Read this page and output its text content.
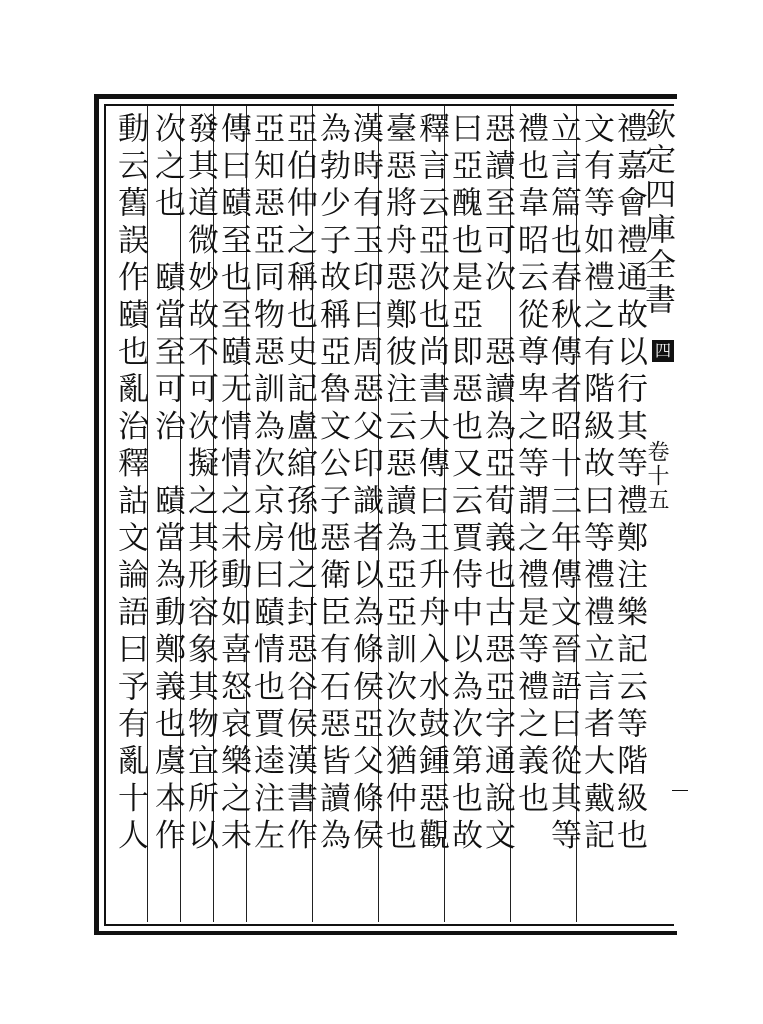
欽定四庫全書
四
卷十五
禮嘉會禮通故以行其等禮鄭注樂記云等階級也
文有等如禮之有階級故曰等禮禮立言者大戴記
立言篇也春秋傳者昭十三年傳文晉語曰從其等
禮也韋昭云從尊卑之等謂之禮是等禮之義也
惡讀至可次　惡讀為亞荀義也古惡亞字通說文
曰亞醜也是亞即惡也又云賈侍中以為次第也故
釋言云亞次也尚書大傳曰王升舟入水鼓鍾惡觀
臺惡將舟惡鄭彼注云惡讀為亞亞訓次次猶仲也
漢時有玉印曰周惡父印識者以為條侯亞父條侯
為勃少子故稱亞魯文公子惡衛臣有石惡皆讀為
亞伯仲之稱也史記盧綰孫他之封惡谷侯漢書作
亞知惡亞同物惡訓為次京房曰賾情也賈逵注左
傳曰賾至也至賾无情情之未動如喜怒哀樂之未
發其道微妙故不可次擬之其形容象其物宜所以
次之也　賾當至可治　賾當為動鄭義也虞本作
動云舊誤作賾也亂治釋詁文論語曰予有亂十人
